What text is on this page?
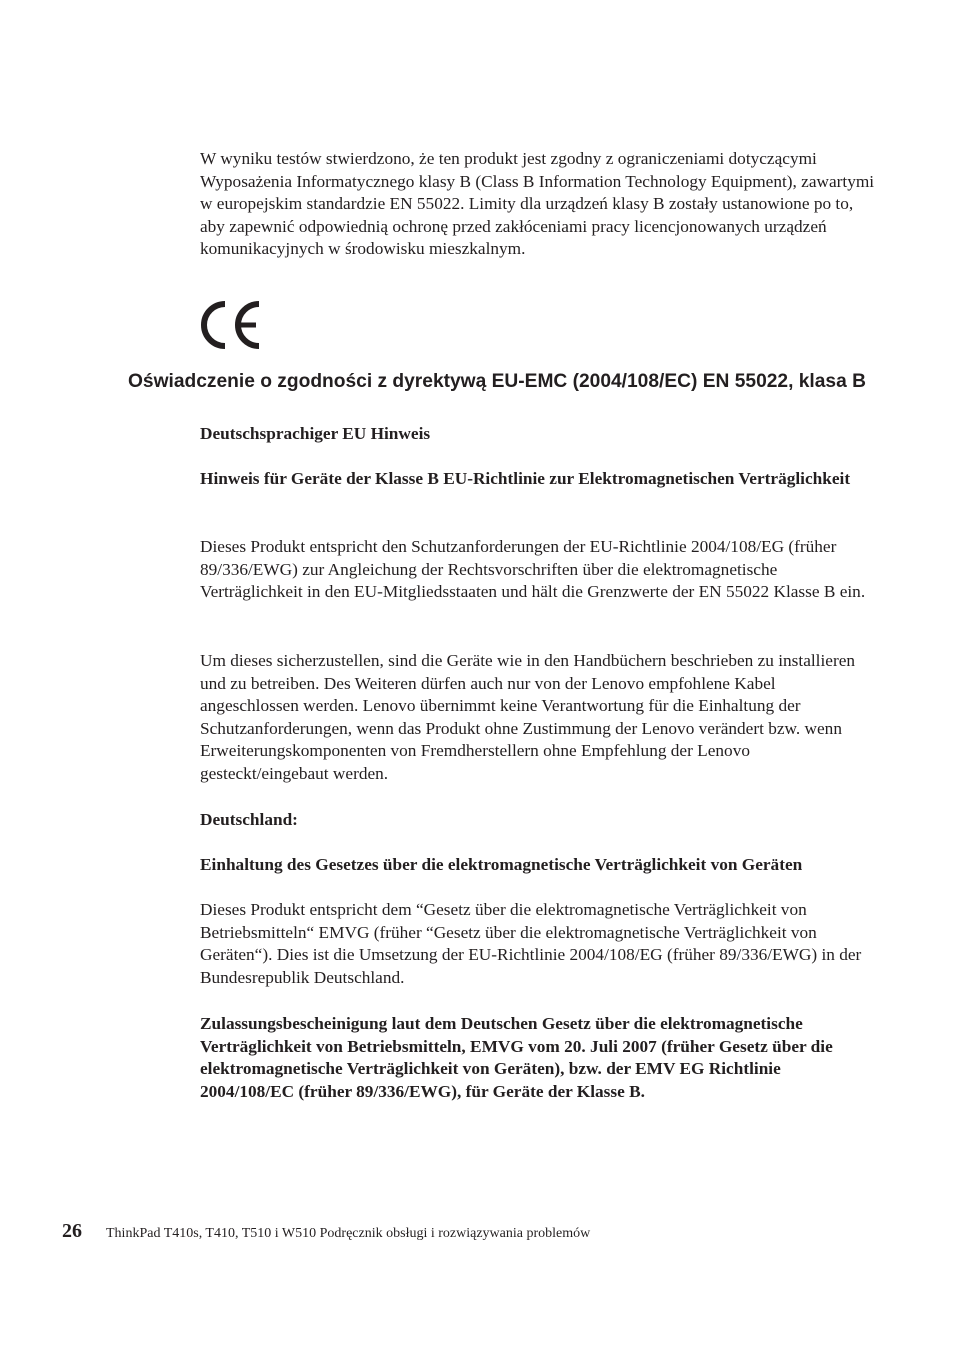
W wyniku testów stwierdzono, że ten produkt jest zgodny z ograniczeniami dotyczącymi Wyposażenia Informatycznego klasy B (Class B Information Technology Equipment), zawartymi w europejskim standardzie EN 55022. Limity dla urządzeń klasy B zostały ustanowione po to, aby zapewnić odpowiednią ochronę przed zakłóceniami pracy licencjonowanych urządzeń komunikacyjnych w środowisku mieszkalnym.

Oświadczenie o zgodności z dyrektywą EU-EMC (2004/108/EC) EN 55022, klasa B

Deutschsprachiger EU Hinweis

Hinweis für Geräte der Klasse B EU-Richtlinie zur Elektromagnetischen Verträglichkeit

Dieses Produkt entspricht den Schutzanforderungen der EU-Richtlinie 2004/108/EG (früher 89/336/EWG) zur Angleichung der Rechtsvorschriften über die elektromagnetische Verträglichkeit in den EU-Mitgliedsstaaten und hält die Grenzwerte der EN 55022 Klasse B ein.

Um dieses sicherzustellen, sind die Geräte wie in den Handbüchern beschrieben zu installieren und zu betreiben. Des Weiteren dürfen auch nur von der Lenovo empfohlene Kabel angeschlossen werden. Lenovo übernimmt keine Verantwortung für die Einhaltung der Schutzanforderungen, wenn das Produkt ohne Zustimmung der Lenovo verändert bzw. wenn Erweiterungskomponenten von Fremdherstellern ohne Empfehlung der Lenovo gesteckt/eingebaut werden.

Deutschland:

Einhaltung des Gesetzes über die elektromagnetische Verträglichkeit von Geräten

Dieses Produkt entspricht dem “Gesetz über die elektromagnetische Verträglichkeit von Betriebsmitteln“ EMVG (früher “Gesetz über die elektromagnetische Verträglichkeit von Geräten“). Dies ist die Umsetzung der EU-Richtlinie 2004/108/EG (früher 89/336/EWG) in der Bundesrepublik Deutschland.

Zulassungsbescheinigung laut dem Deutschen Gesetz über die elektromagnetische Verträglichkeit von Betriebsmitteln, EMVG vom 20. Juli 2007 (früher Gesetz über die elektromagnetische Verträglichkeit von Geräten), bzw. der EMV EG Richtlinie 2004/108/EC (früher 89/336/EWG), für Geräte der Klasse B.

26 ThinkPad T410s, T410, T510 i W510 Podręcznik obsługi i rozwiązywania problemów
